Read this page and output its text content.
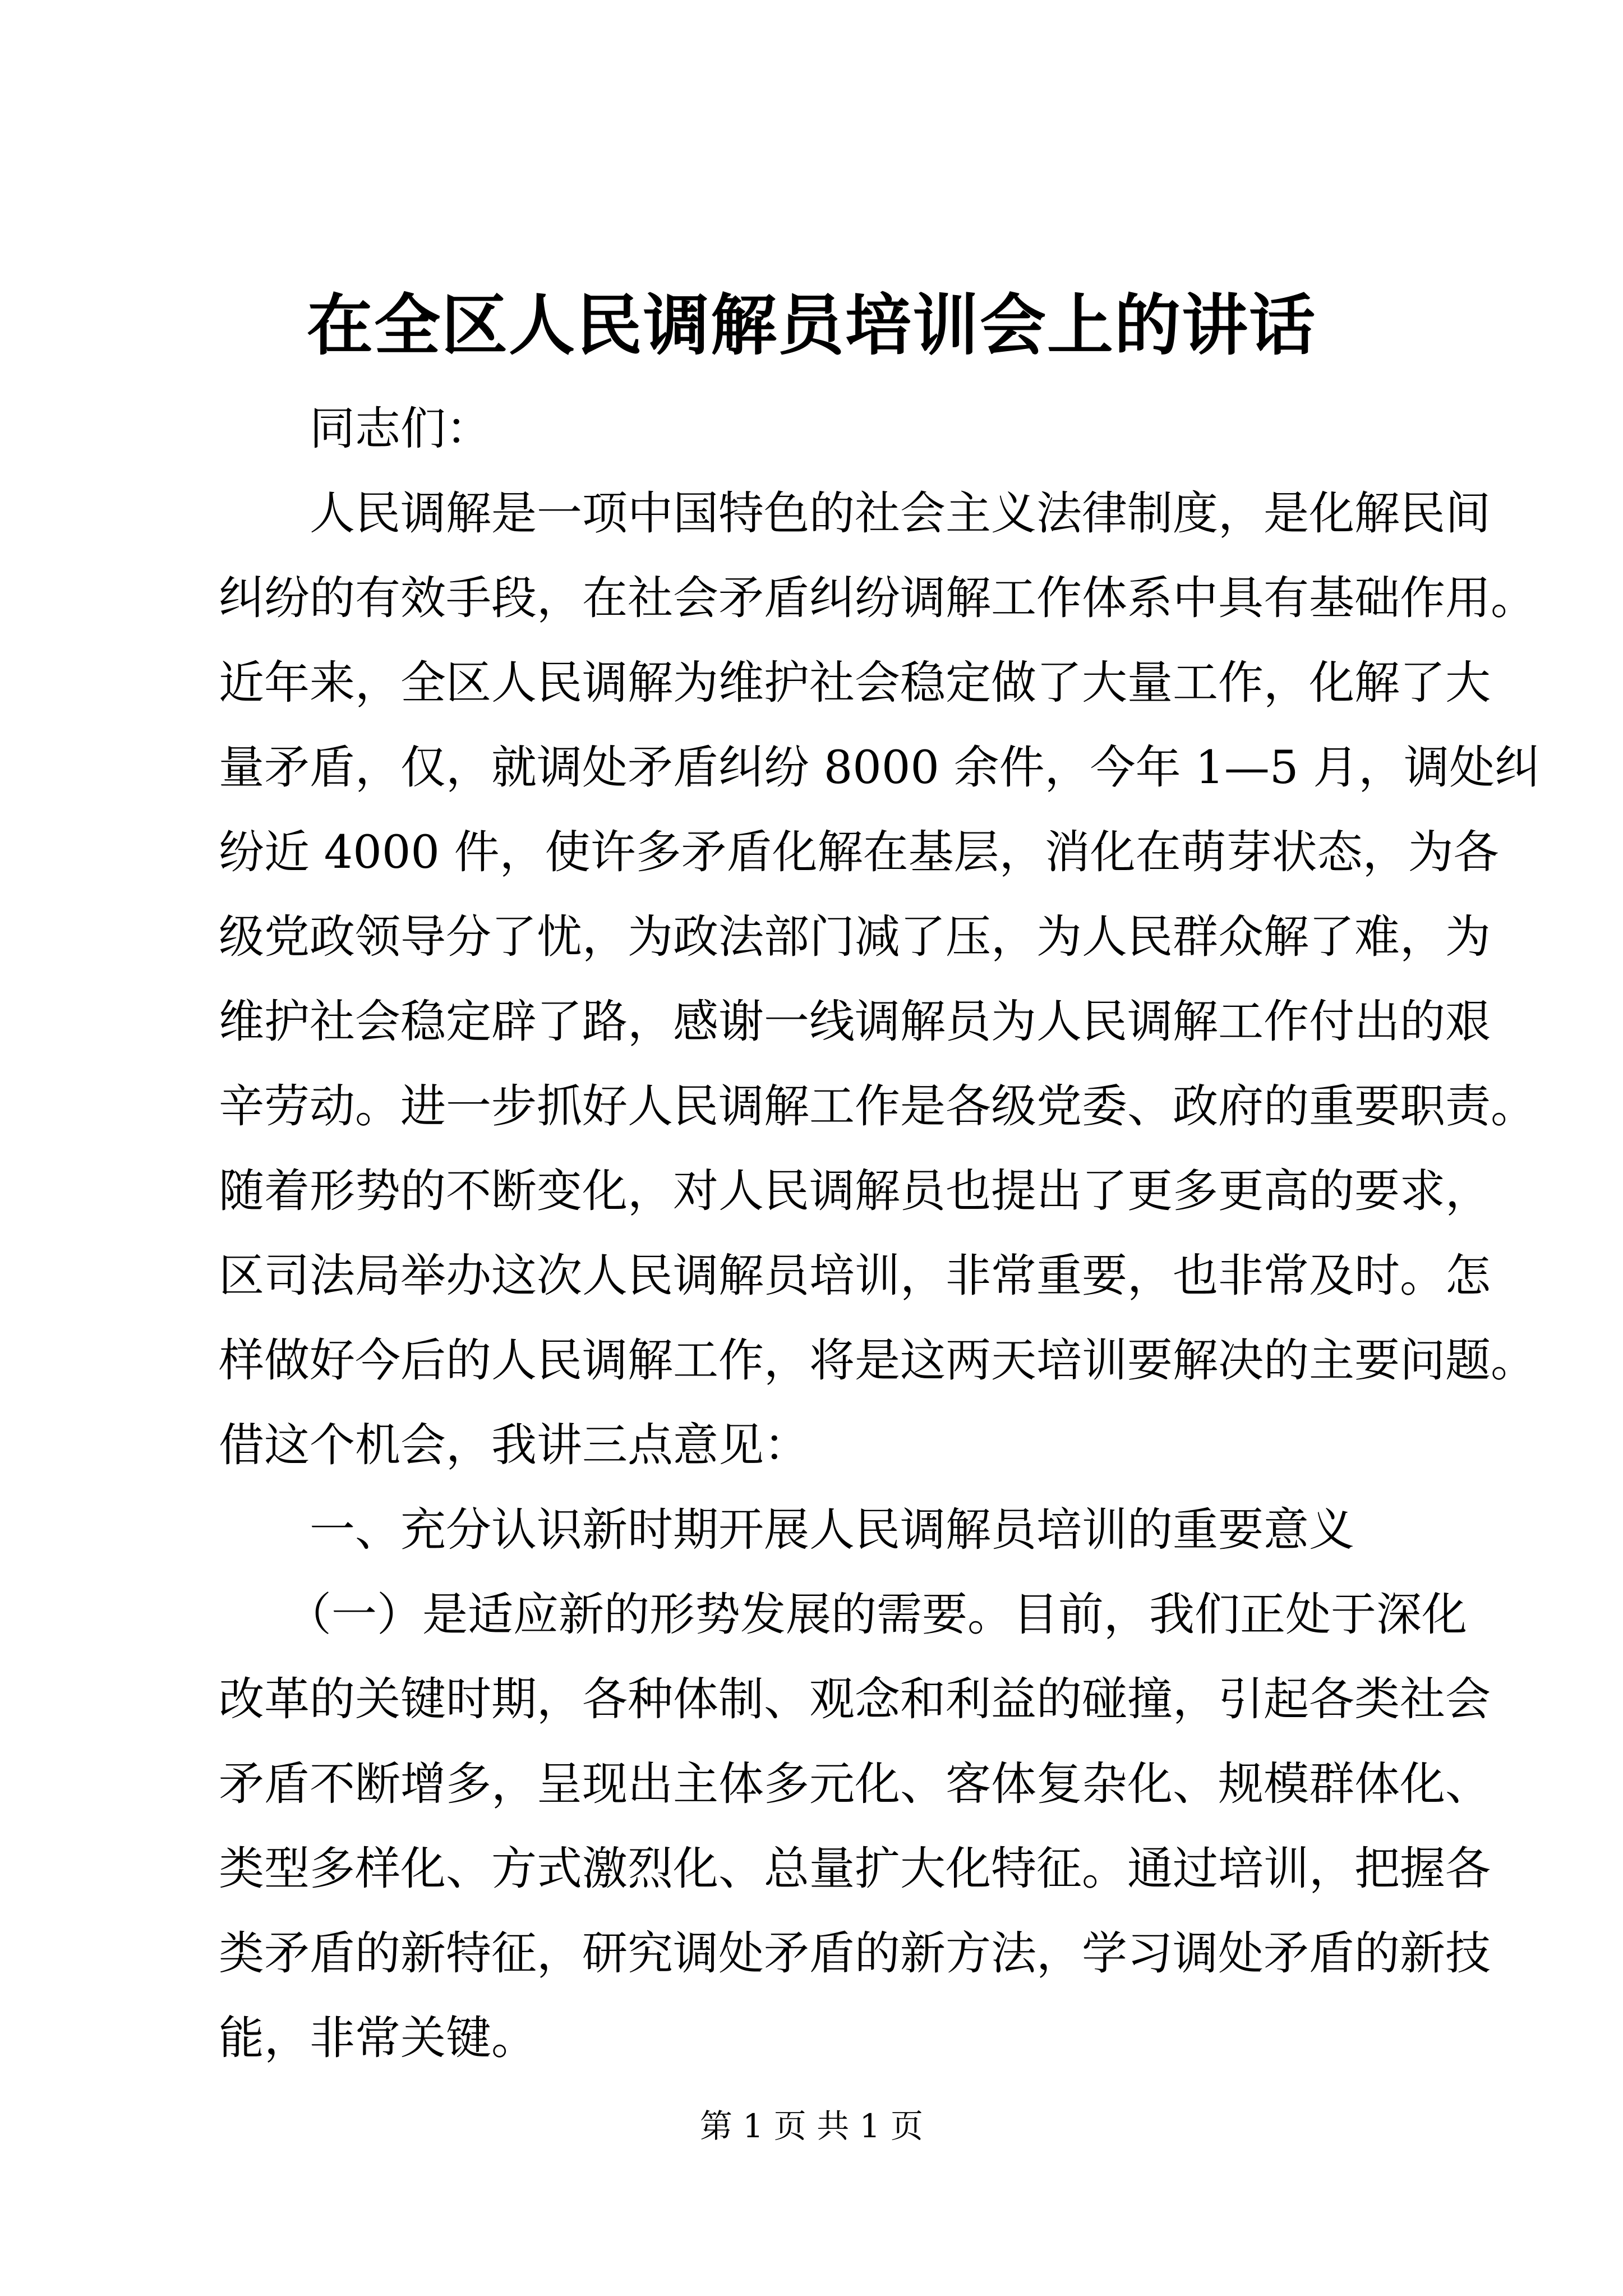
在全区人民调解员培训会上的讲话
同志们：
人民调解是一项中国特色的社会主义法律制度，是化解民间
纠纷的有效手段，在社会矛盾纠纷调解工作体系中具有基础作用。
近年来，全区人民调解为维护社会稳定做了大量工作，化解了大
量矛盾，仅，就调处矛盾纠纷 8000 余件，今年 1—5 月，调处纠
纷近 4000 件，使许多矛盾化解在基层，消化在萌芽状态，为各
级党政领导分了忧，为政法部门减了压，为人民群众解了难，为
维护社会稳定辟了路，感谢一线调解员为人民调解工作付出的艰
辛劳动。进一步抓好人民调解工作是各级党委、政府的重要职责。
随着形势的不断变化，对人民调解员也提出了更多更高的要求，
区司法局举办这次人民调解员培训，非常重要，也非常及时。怎
样做好今后的人民调解工作，将是这两天培训要解决的主要问题。
借这个机会，我讲三点意见：
一、充分认识新时期开展人民调解员培训的重要意义
（一）是适应新的形势发展的需要。目前，我们正处于深化
改革的关键时期，各种体制、观念和利益的碰撞，引起各类社会
矛盾不断增多，呈现出主体多元化、客体复杂化、规模群体化、
类型多样化、方式激烈化、总量扩大化特征。通过培训，把握各
类矛盾的新特征，研究调处矛盾的新方法，学习调处矛盾的新技
能，非常关键。
第 1 页 共 1 页
